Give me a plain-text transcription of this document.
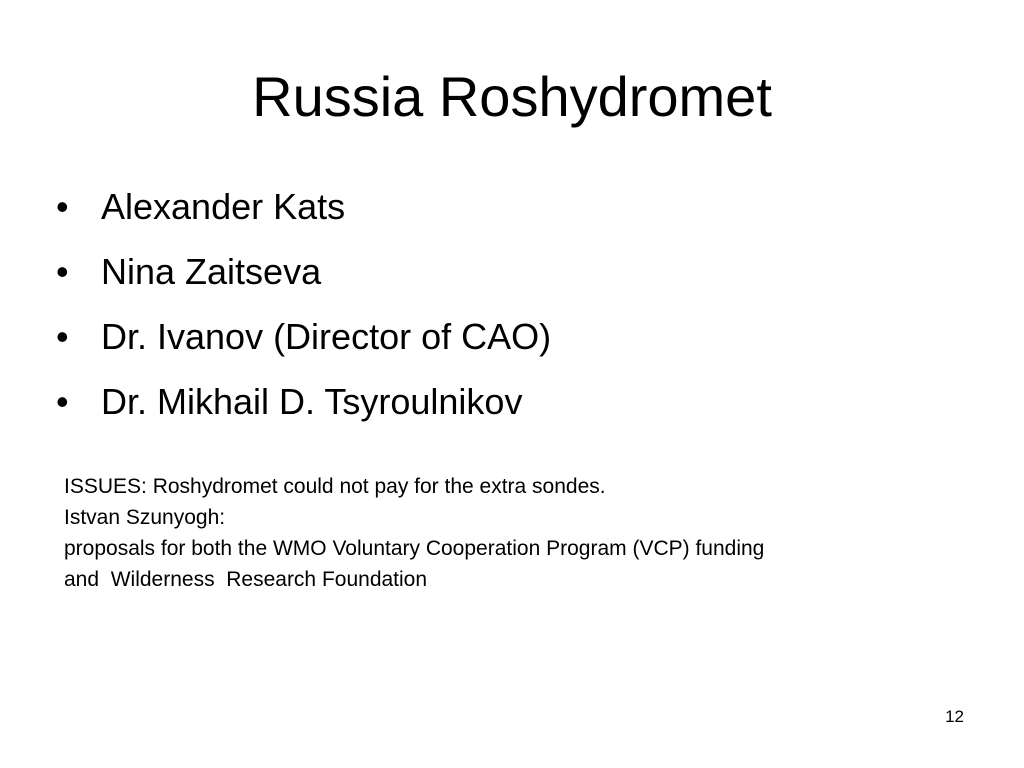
Russia Roshydromet
• Alexander Kats
• Nina Zaitseva
• Dr. Ivanov (Director of CAO)
• Dr. Mikhail D. Tsyroulnikov
ISSUES: Roshydromet could not pay for the extra sondes.
Istvan Szunyogh:
proposals for both the WMO Voluntary Cooperation Program (VCP) funding
and  Wilderness  Research Foundation
12
